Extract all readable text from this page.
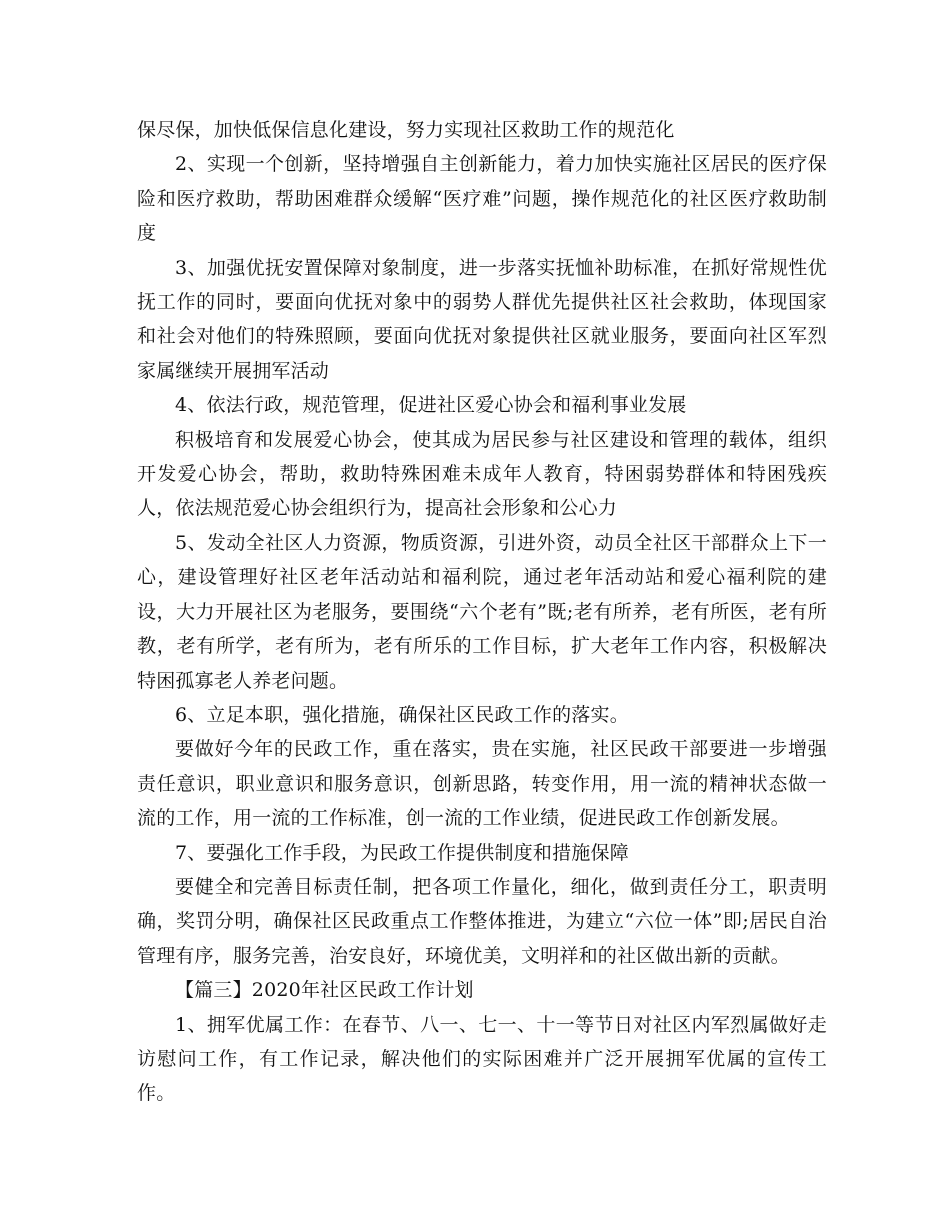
保尽保，加快低保信息化建设，努力实现社区救助工作的规范化

2、实现一个创新，坚持增强自主创新能力，着力加快实施社区居民的医疗保险和医疗救助，帮助困难群众缓解“医疗难”问题，操作规范化的社区医疗救助制度

3、加强优抚安置保障对象制度，进一步落实抚恤补助标准，在抓好常规性优抚工作的同时，要面向优抚对象中的弱势人群优先提供社区社会救助，体现国家和社会对他们的特殊照顾，要面向优抚对象提供社区就业服务，要面向社区军烈家属继续开展拥军活动

4、依法行政，规范管理，促进社区爱心协会和福利事业发展

积极培育和发展爱心协会，使其成为居民参与社区建设和管理的载体，组织开发爱心协会，帮助，救助特殊困难未成年人教育，特困弱势群体和特困残疾人，依法规范爱心协会组织行为，提高社会形象和公心力

5、发动全社区人力资源，物质资源，引进外资，动员全社区干部群众上下一心，建设管理好社区老年活动站和福利院，通过老年活动站和爱心福利院的建设，大力开展社区为老服务，要围绕“六个老有”既;老有所养，老有所医，老有所教，老有所学，老有所为，老有所乐的工作目标，扩大老年工作内容，积极解决特困孤寡老人养老问题。

6、立足本职，强化措施，确保社区民政工作的落实。

要做好今年的民政工作，重在落实，贵在实施，社区民政干部要进一步增强责任意识，职业意识和服务意识，创新思路，转变作用，用一流的精神状态做一流的工作，用一流的工作标准，创一流的工作业绩，促进民政工作创新发展。

7、要强化工作手段，为民政工作提供制度和措施保障

要健全和完善目标责任制，把各项工作量化，细化，做到责任分工，职责明确，奖罚分明，确保社区民政重点工作整体推进，为建立“六位一体”即;居民自治管理有序，服务完善，治安良好，环境优美，文明祥和的社区做出新的贡献。

【篇三】2020年社区民政工作计划

1、拥军优属工作：在春节、八一、七一、十一等节日对社区内军烈属做好走访慰问工作，有工作记录，解决他们的实际困难并广泛开展拥军优属的宣传工作。
